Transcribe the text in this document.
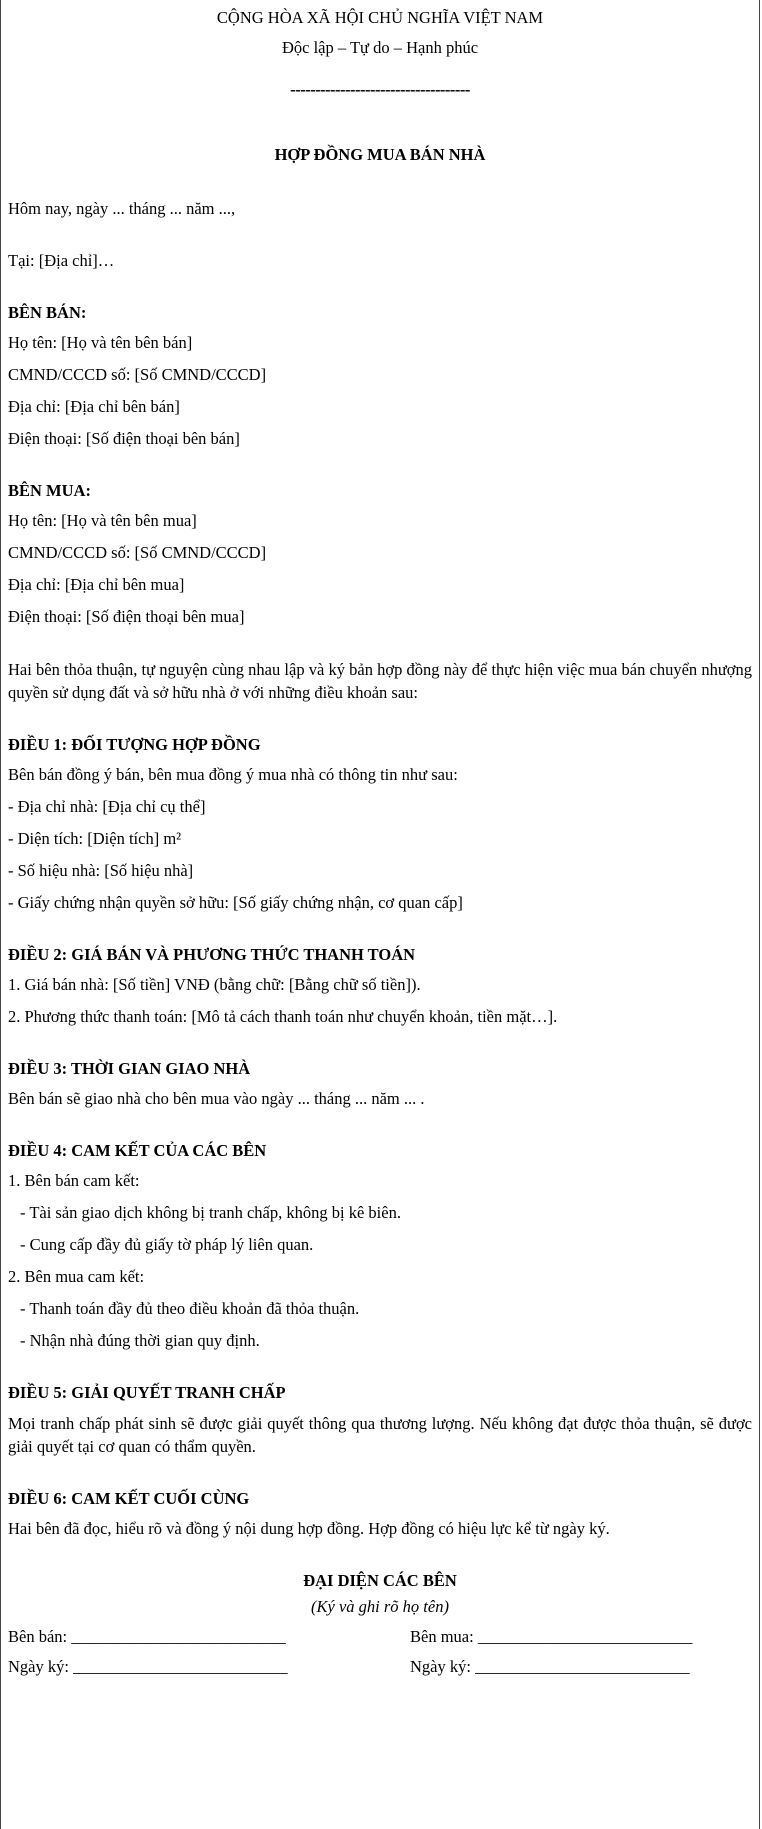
CỘNG HÒA XÃ HỘI CHỦ NGHĨA VIỆT NAM

Độc lập – Tự do – Hạnh phúc

------------------------------------

HỢP ĐỒNG MUA BÁN NHÀ

Hôm nay, ngày ... tháng ... năm ...,

Tại: [Địa chỉ]…

BÊN BÁN:

Họ tên: [Họ và tên bên bán]

CMND/CCCD số: [Số CMND/CCCD]

Địa chỉ: [Địa chỉ bên bán]

Điện thoại: [Số điện thoại bên bán]

BÊN MUA:

Họ tên: [Họ và tên bên mua]

CMND/CCCD số: [Số CMND/CCCD]

Địa chỉ: [Địa chỉ bên mua]

Điện thoại: [Số điện thoại bên mua]

Hai bên thỏa thuận, tự nguyện cùng nhau lập và ký bản hợp đồng này để thực hiện việc mua bán chuyển nhượng quyền sử dụng đất và sở hữu nhà ở với những điều khoản sau:

ĐIỀU 1: ĐỐI TƯỢNG HỢP ĐỒNG

Bên bán đồng ý bán, bên mua đồng ý mua nhà có thông tin như sau:

- Địa chỉ nhà: [Địa chỉ cụ thể]

- Diện tích: [Diện tích] m²

- Số hiệu nhà: [Số hiệu nhà]

- Giấy chứng nhận quyền sở hữu: [Số giấy chứng nhận, cơ quan cấp]

ĐIỀU 2: GIÁ BÁN VÀ PHƯƠNG THỨC THANH TOÁN

1. Giá bán nhà: [Số tiền] VNĐ (bằng chữ: [Bằng chữ số tiền]).

2. Phương thức thanh toán: [Mô tả cách thanh toán như chuyển khoản, tiền mặt…].

ĐIỀU 3: THỜI GIAN GIAO NHÀ

Bên bán sẽ giao nhà cho bên mua vào ngày ... tháng ... năm ... .

ĐIỀU 4: CAM KẾT CỦA CÁC BÊN

1. Bên bán cam kết:

- Tài sản giao dịch không bị tranh chấp, không bị kê biên.

- Cung cấp đầy đủ giấy tờ pháp lý liên quan.

2. Bên mua cam kết:

- Thanh toán đầy đủ theo điều khoản đã thỏa thuận.

- Nhận nhà đúng thời gian quy định.

ĐIỀU 5: GIẢI QUYẾT TRANH CHẤP

Mọi tranh chấp phát sinh sẽ được giải quyết thông qua thương lượng. Nếu không đạt được thỏa thuận, sẽ được giải quyết tại cơ quan có thẩm quyền.

ĐIỀU 6: CAM KẾT CUỐI CÙNG

Hai bên đã đọc, hiểu rõ và đồng ý nội dung hợp đồng. Hợp đồng có hiệu lực kể từ ngày ký.

ĐẠI DIỆN CÁC BÊN

(Ký và ghi rõ họ tên)

Bên bán: __________________________	Bên mua: __________________________
Ngày ký: __________________________	Ngày ký: __________________________
